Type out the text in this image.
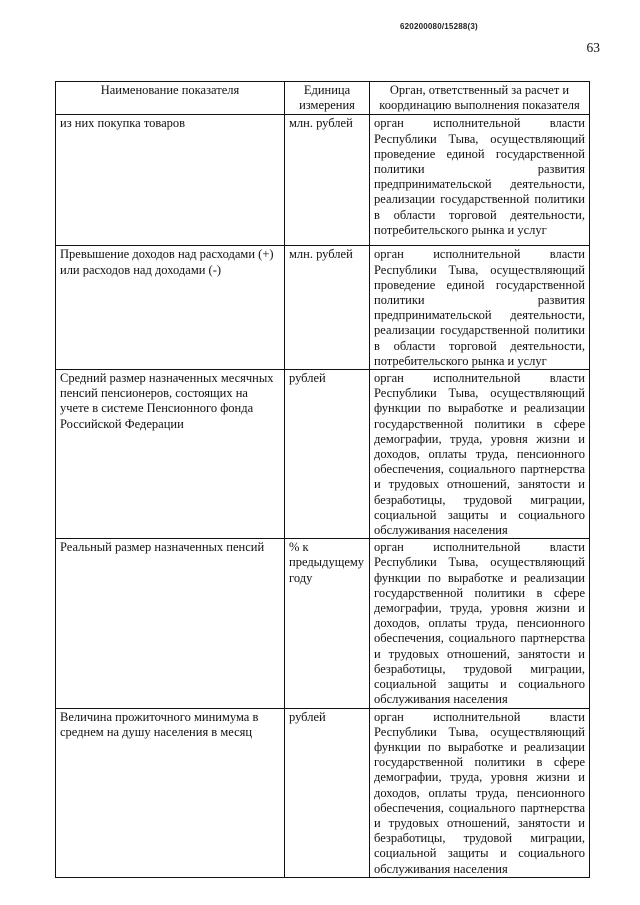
620200080/15288(3)
63
Наименование показателя	Единица измерения	Орган, ответственный за расчет и координацию выполнения показателя
из них покупка товаров	млн. рублей	орган исполнительной власти Республики Тыва, осуществляющий проведение единой государственной политики развития предпринимательской деятельности, реализации государственной политики в области торговой деятельности, потребительского рынка и услуг
Превышение доходов над расходами (+) или расходов над доходами (-)	млн. рублей	орган исполнительной власти Республики Тыва, осуществляющий проведение единой государственной политики развития предпринимательской деятельности, реализации государственной политики в области торговой деятельности, потребительского рынка и услуг
Средний размер назначенных месячных пенсий пенсионеров, состоящих на учете в системе Пенсионного фонда Российской Федерации	рублей	орган исполнительной власти Республики Тыва, осуществляющий функции по выработке и реализации государственной политики в сфере демографии, труда, уровня жизни и доходов, оплаты труда, пенсионного обеспечения, социального партнерства и трудовых отношений, занятости и безработицы, трудовой миграции, социальной защиты и социального обслуживания населения
Реальный размер назначенных пенсий	% к предыдущему году	орган исполнительной власти Республики Тыва, осуществляющий функции по выработке и реализации государственной политики в сфере демографии, труда, уровня жизни и доходов, оплаты труда, пенсионного обеспечения, социального партнерства и трудовых отношений, занятости и безработицы, трудовой миграции, социальной защиты и социального обслуживания населения
Величина прожиточного минимума в среднем на душу населения в месяц	рублей	орган исполнительной власти Республики Тыва, осуществляющий функции по выработке и реализации государственной политики в сфере демографии, труда, уровня жизни и доходов, оплаты труда, пенсионного обеспечения, социального партнерства и трудовых отношений, занятости и безработицы, трудовой миграции, социальной защиты и социального обслуживания населения
